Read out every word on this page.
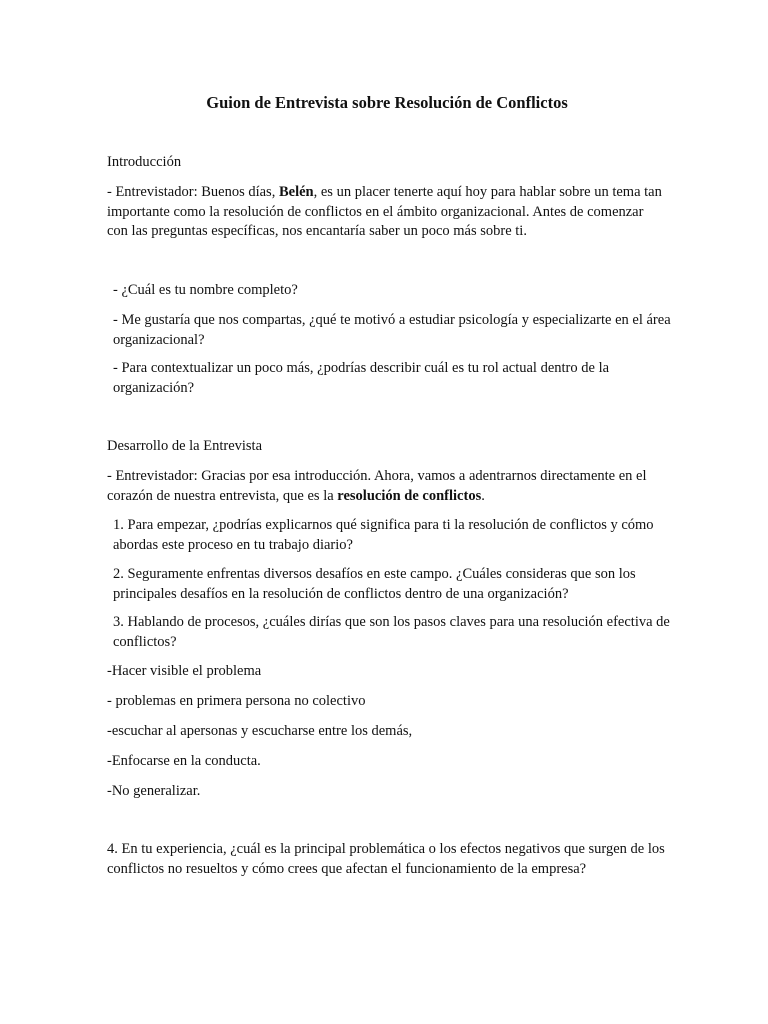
Guion de Entrevista sobre Resolución de Conflictos

Introducción

- Entrevistador: Buenos días, Belén, es un placer tenerte aquí hoy para hablar sobre un tema tan importante como la resolución de conflictos en el ámbito organizacional. Antes de comenzar con las preguntas específicas, nos encantaría saber un poco más sobre ti.

- ¿Cuál es tu nombre completo?

- Me gustaría que nos compartas, ¿qué te motivó a estudiar psicología y especializarte en el área organizacional?

- Para contextualizar un poco más, ¿podrías describir cuál es tu rol actual dentro de la organización?

Desarrollo de la Entrevista

- Entrevistador: Gracias por esa introducción. Ahora, vamos a adentrarnos directamente en el corazón de nuestra entrevista, que es la resolución de conflictos.

1. Para empezar, ¿podrías explicarnos qué significa para ti la resolución de conflictos y cómo abordas este proceso en tu trabajo diario?

2. Seguramente enfrentas diversos desafíos en este campo. ¿Cuáles consideras que son los principales desafíos en la resolución de conflictos dentro de una organización?

3. Hablando de procesos, ¿cuáles dirías que son los pasos claves para una resolución efectiva de conflictos?

-Hacer visible el problema

- problemas en primera persona no colectivo

-escuchar al apersonas y escucharse entre los demás,

-Enfocarse en la conducta.

-No generalizar.

4. En tu experiencia, ¿cuál es la principal problemática o los efectos negativos que surgen de los conflictos no resueltos y cómo crees que afectan el funcionamiento de la empresa?
